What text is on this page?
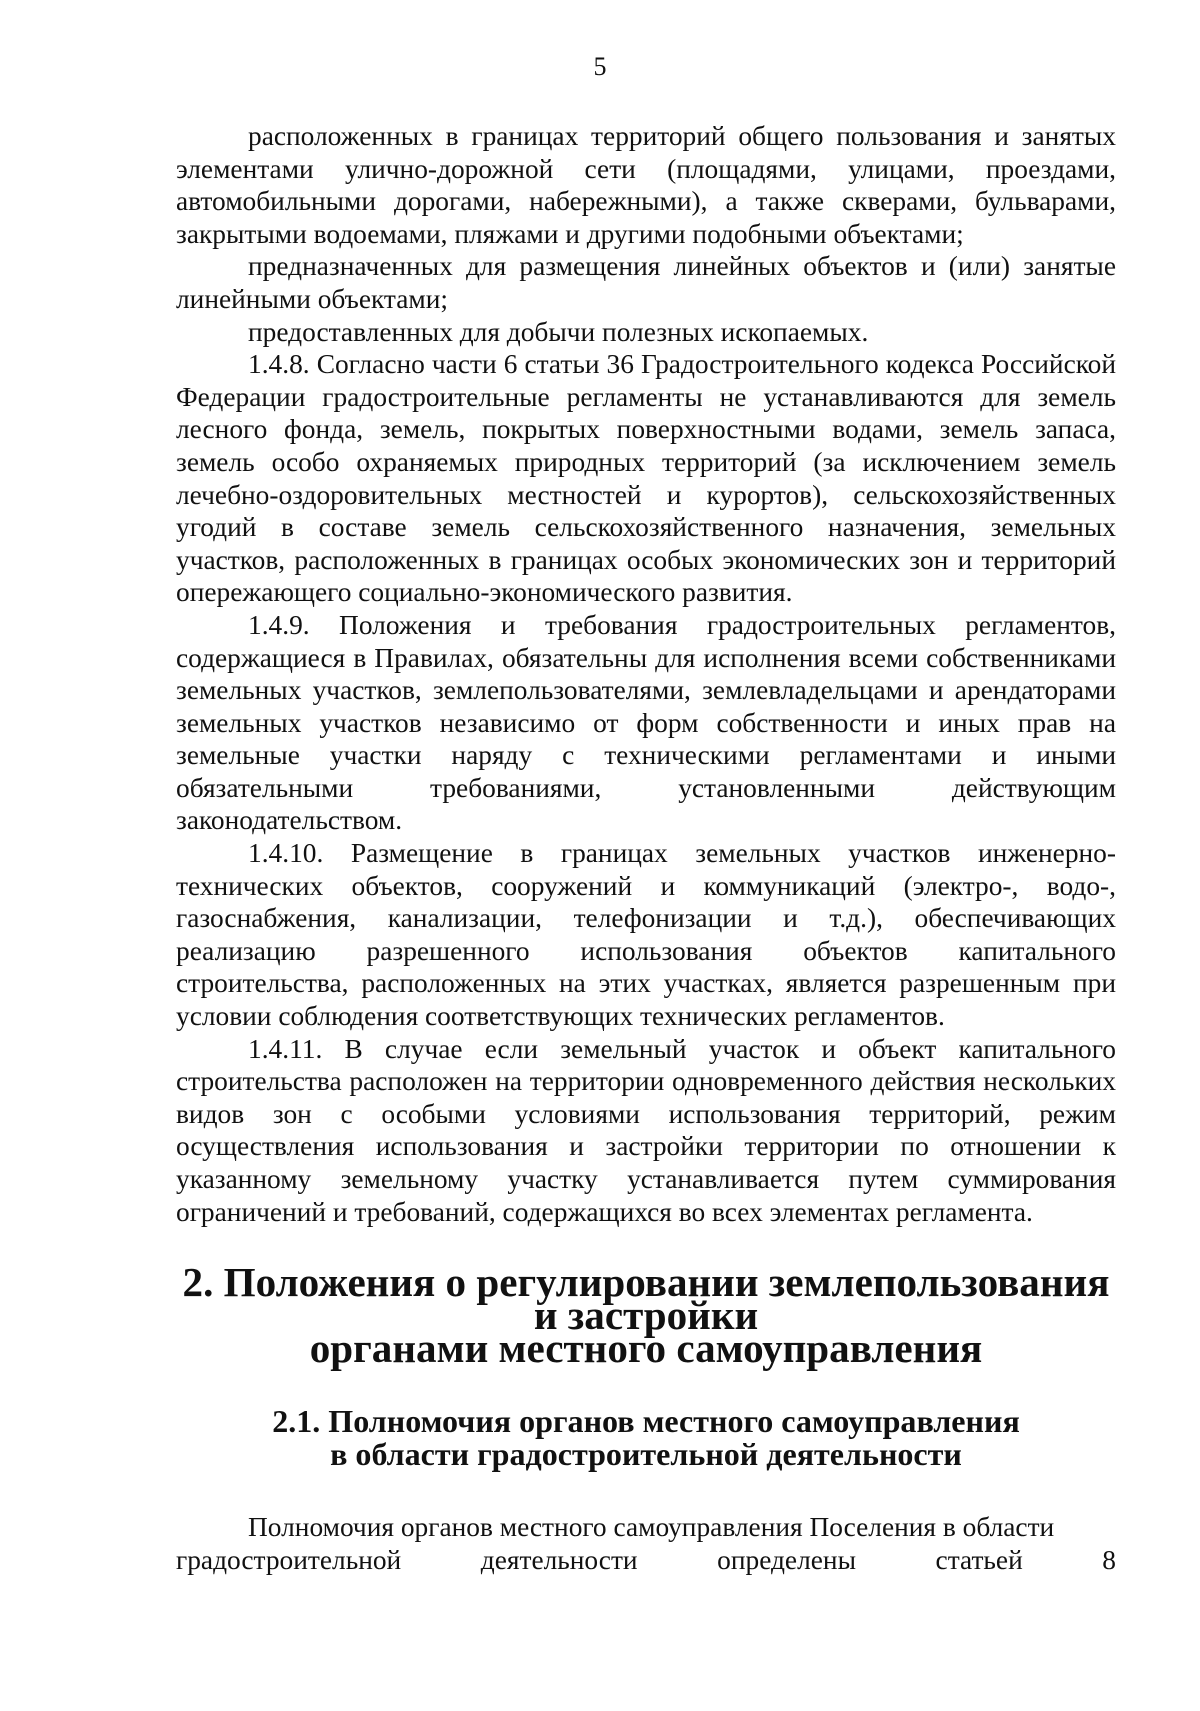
5

расположенных в границах территорий общего пользования и занятых элементами улично-дорожной сети (площадями, улицами, проездами, автомобильными дорогами, набережными), а также скверами, бульварами, закрытыми водоемами, пляжами и другими подобными объектами;

предназначенных для размещения линейных объектов и (или) занятые линейными объектами;

предоставленных для добычи полезных ископаемых.

1.4.8. Согласно части 6 статьи 36 Градостроительного кодекса Российской Федерации градостроительные регламенты не устанавливаются для земель лесного фонда, земель, покрытых поверхностными водами, земель запаса, земель особо охраняемых природных территорий (за исключением земель лечебно-оздоровительных местностей и курортов), сельскохозяйственных угодий в составе земель сельскохозяйственного назначения, земельных участков, расположенных в границах особых экономических зон и территорий опережающего социально-экономического развития.

1.4.9. Положения и требования градостроительных регламентов, содержащиеся в Правилах, обязательны для исполнения всеми собственниками земельных участков, землепользователями, землевладельцами и арендаторами земельных участков независимо от форм собственности и иных прав на земельные участки наряду с техническими регламентами и иными обязательными требованиями, установленными действующим законодательством.

1.4.10. Размещение в границах земельных участков инженерно-технических объектов, сооружений и коммуникаций (электро-, водо-, газоснабжения, канализации, телефонизации и т.д.), обеспечивающих реализацию разрешенного использования объектов капитального строительства, расположенных на этих участках, является разрешенным при условии соблюдения соответствующих технических регламентов.

1.4.11. В случае если земельный участок и объект капитального строительства расположен на территории одновременного действия нескольких видов зон с особыми условиями использования территорий, режим осуществления использования и застройки территории по отношении к указанному земельному участку устанавливается путем суммирования ограничений и требований, содержащихся во всех элементах регламента.

2. Положения о регулировании землепользования и застройки
органами местного самоуправления
2.1. Полномочия органов местного самоуправления
в области градостроительной деятельности

Полномочия органов местного самоуправления Поселения в области
градостроительной деятельности определены статьей 8
